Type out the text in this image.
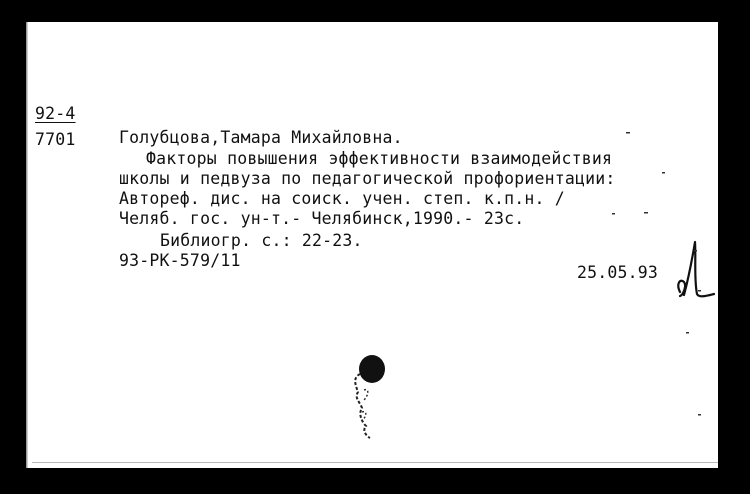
92-4
7701	Голубцова,Тамара Михайловна.
Факторы повышения эффективности взаимодействия
школы и педвуза по педагогической профориентации:
Автореф. дис. на соиск. учен. степ. к.п.н. /
Челяб. гос. ун-т.- Челябинск,1990.- 23с.
Библиогр. с.: 22-23.
93-PK-579/11
25.05.93
